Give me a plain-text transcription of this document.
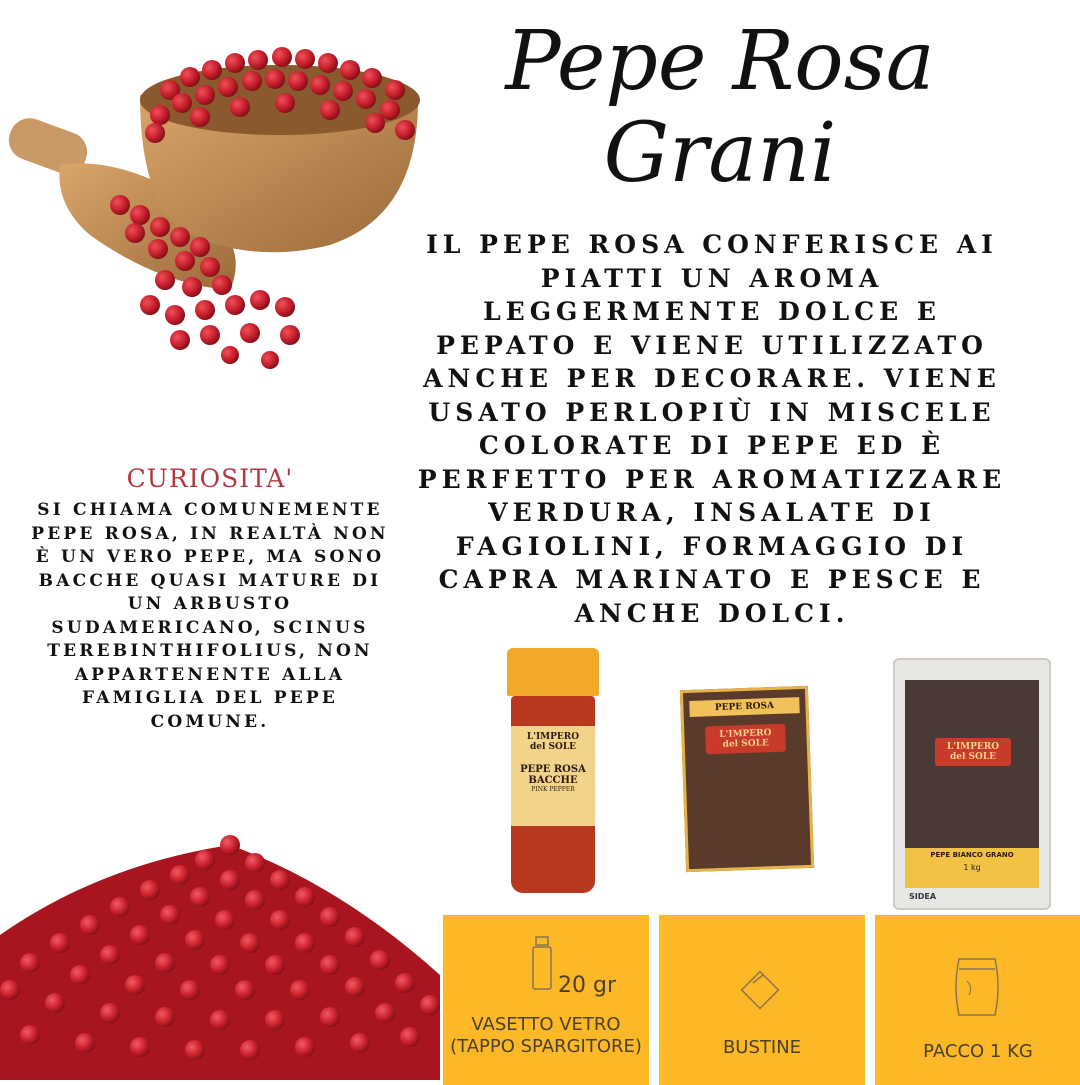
Pepe Rosa
Grani
IL PEPE ROSA CONFERISCE AI PIATTI UN AROMA LEGGERMENTE DOLCE E PEPATO E VIENE UTILIZZATO ANCHE PER DECORARE. VIENE USATO PERLOPIÙ IN MISCELE COLORATE DI PEPE ED È PERFETTO PER AROMATIZZARE VERDURA, INSALATE DI FAGIOLINI, FORMAGGIO DI CAPRA MARINATO E PESCE E ANCHE DOLCI.
CURIOSITA'
SI CHIAMA COMUNEMENTE PEPE ROSA, IN REALTÀ NON È UN VERO PEPE, MA SONO BACCHE QUASI MATURE DI UN ARBUSTO SUDAMERICANO, SCINUS TEREBINTHIFOLIUS, NON APPARTENENTE ALLA FAMIGLIA DEL PEPE COMUNE.
L'IMPERO
del SOLE
PEPE ROSA
BACCHE
PINK PEPPER
PEPE ROSA
L'IMPERO
del SOLE	L'IMPERO
del SOLE
PEPE BIANCO GRANO
1 kg
SIDEA
20 gr
VASETTO VETRO (TAPPO SPARGITORE)	BUSTINE	PACCO 1 KG
